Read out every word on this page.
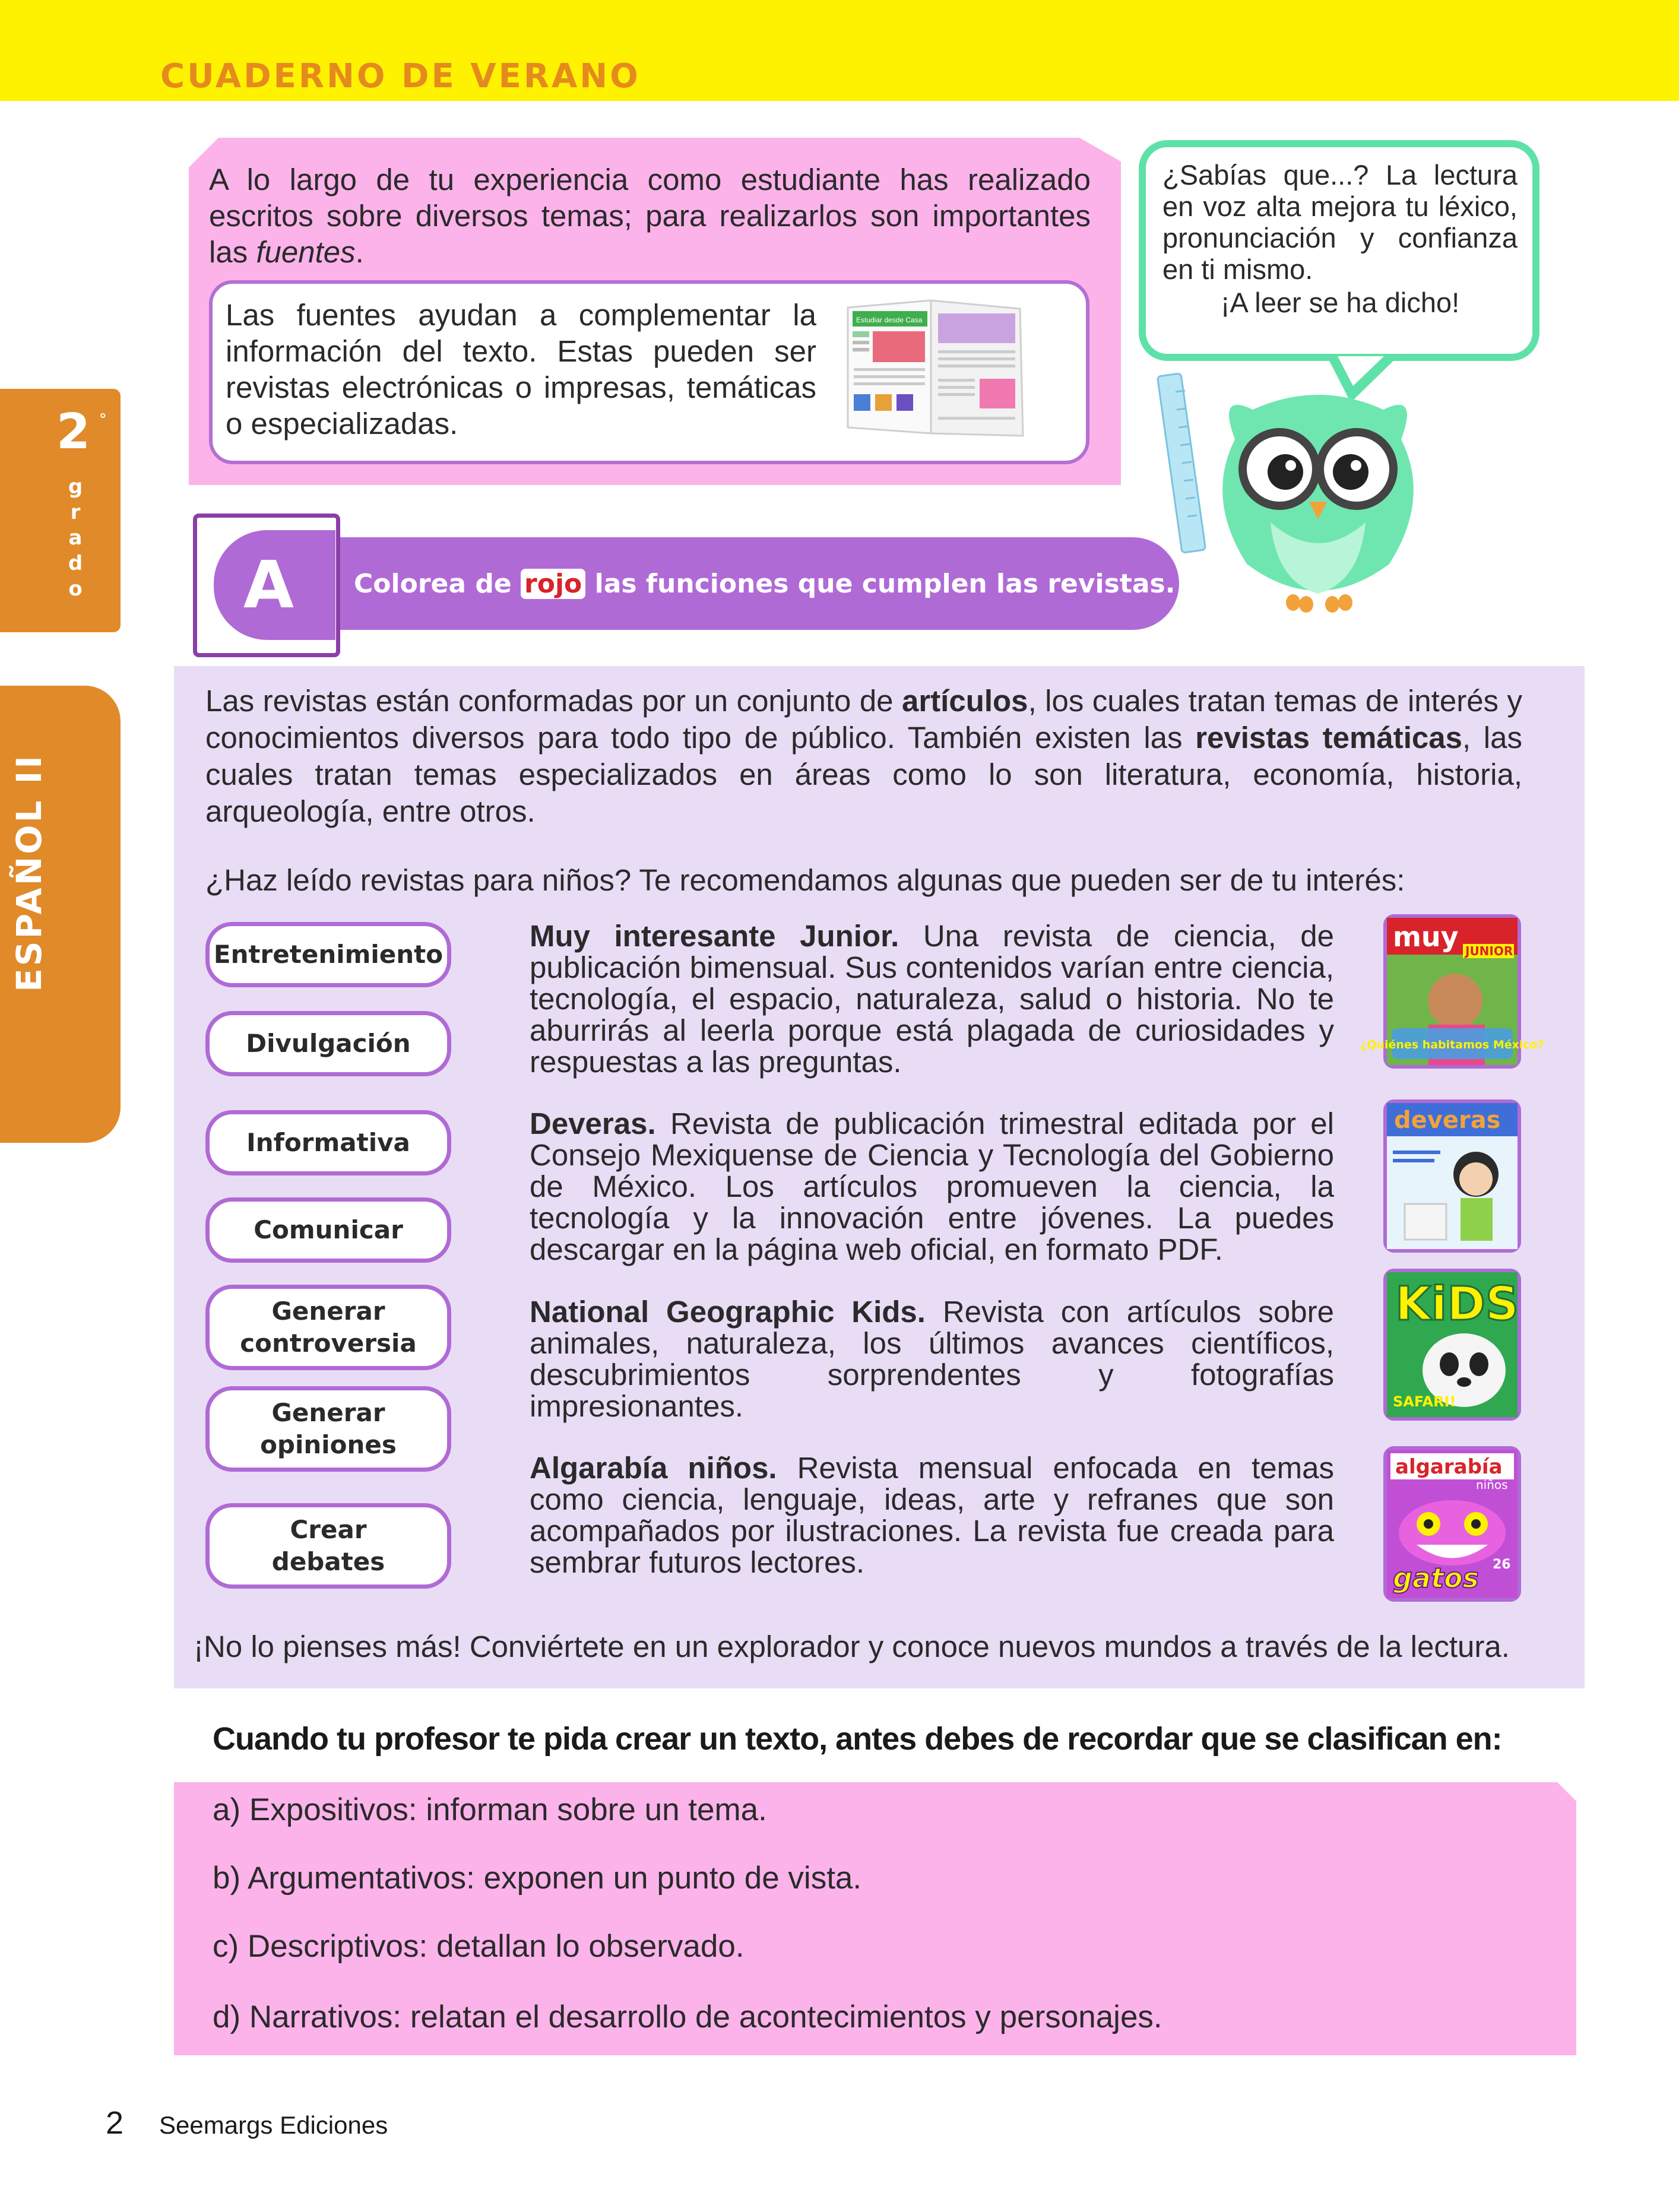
CUADERNO DE VERANO
2 °
g
r
a
d
o
ESPAÑOL II
A lo largo de tu experiencia como estudiante has realizado escritos sobre diversos temas; para realizarlos son importantes las fuentes.
Las fuentes ayudan a complementar la información del texto. Estas pueden ser revistas electrónicas o impresas, temáticas o especializadas.
Estudiar desde Casa
¿Sabías que...? La lectura en voz alta mejora tu léxico, pronunciación y confianza en ti mismo.
¡A leer se ha dicho!
A	Colorea de rojo las funciones que cumplen las revistas.
Las revistas están conformadas por un conjunto de artículos, los cuales tratan temas de interés y conocimientos diversos para todo tipo de público. También existen las revistas temáticas, las cuales tratan temas especializados en áreas como lo son literatura, economía, historia, arqueología, entre otros.
¿Haz leído revistas para niños? Te recomendamos algunas que pueden ser de tu interés:
Entretenimiento
Divulgación
Informativa
Comunicar
Generar controversia
Generar opiniones
Crear debates
Muy interesante Junior. Una revista de ciencia, de publicación bimensual. Sus contenidos varían entre ciencia, tecnología, el espacio, naturaleza, salud o historia. No te aburrirás al leerla porque está plagada de curiosidades y respuestas a las preguntas.
Deveras. Revista de publicación trimestral editada por el Consejo Mexiquense de Ciencia y Tecnología del Gobierno de México. Los artículos promueven la ciencia, la tecnología y la innovación entre jóvenes. La puedes descargar en la página web oficial, en formato PDF.
National Geographic Kids. Revista con artículos sobre animales, naturaleza, los últimos avances científicos, descubrimientos sorprendentes y fotografías impresionantes.
Algarabía niños. Revista mensual enfocada en temas como ciencia, lenguaje, ideas, arte y refranes que son acompañados por ilustraciones. La revista fue creada para sembrar futuros lectores.
muy JUNIOR
¿Quiénes habitamos México?
deveras
KiDS
SAFARI!
algarabía
niños
gatos 26
¡No lo pienses más! Conviértete en un explorador y conoce nuevos mundos a través de la lectura.
Cuando tu profesor te pida crear un texto, antes debes de recordar que se clasifican en:
a) Expositivos: informan sobre un tema.
b) Argumentativos: exponen un punto de vista.
c) Descriptivos: detallan lo observado.
d) Narrativos: relatan el desarrollo de acontecimientos y personajes.
2 Seemargs Ediciones
